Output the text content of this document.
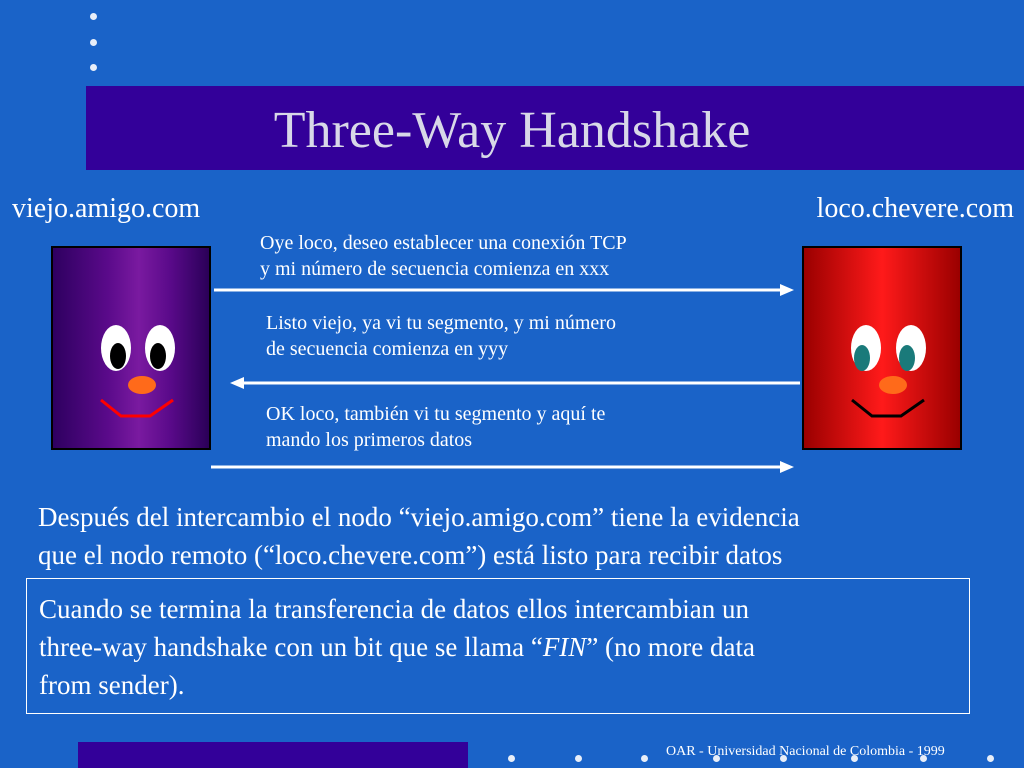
Three-Way Handshake
viejo.amigo.com	loco.chevere.com
Oye loco, deseo establecer una conexión TCP
y mi número de secuencia comienza en xxx
Listo viejo, ya vi tu segmento, y mi número
de secuencia comienza en yyy
OK loco, también vi tu segmento y aquí te
mando los primeros datos
Después del intercambio el nodo “viejo.amigo.com” tiene la evidencia
que el nodo remoto (“loco.chevere.com”) está listo para recibir datos
Cuando se termina la transferencia de datos ellos intercambian un
three-way handshake con un bit que se llama “FIN” (no more data
from sender).
OAR - Universidad Nacional de Colombia - 1999
